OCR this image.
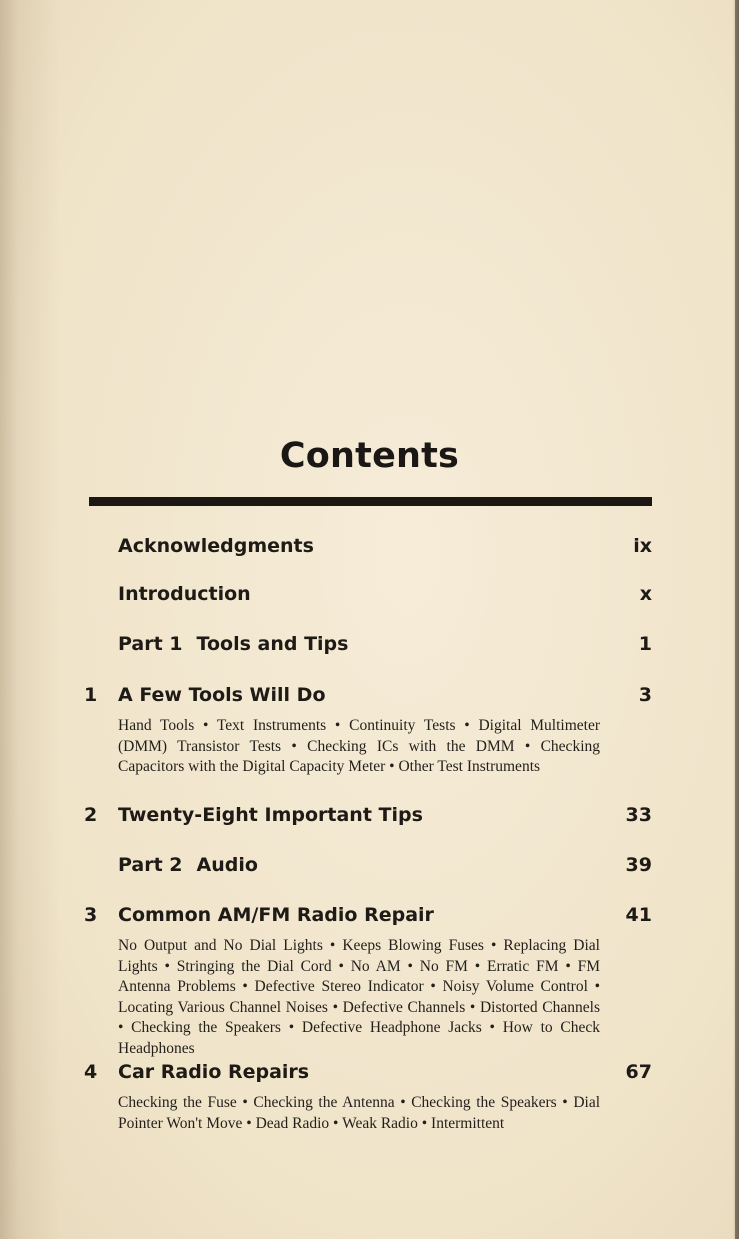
Contents
Acknowledgments	ix
Introduction	x
Part 1 Tools and Tips	1
1	A Few Tools Will Do	3
Hand Tools • Text Instruments • Continuity Tests • Digital Multimeter (DMM) Transistor Tests • Checking ICs with the DMM • Checking Capacitors with the Digital Capacity Meter • Other Test Instruments
2	Twenty-Eight Important Tips	33
Part 2 Audio	39
3	Common AM/FM Radio Repair	41
No Output and No Dial Lights • Keeps Blowing Fuses • Replacing Dial Lights • Stringing the Dial Cord • No AM • No FM • Erratic FM • FM Antenna Problems • Defective Stereo Indicator • Noisy Volume Control • Locating Various Channel Noises • Defective Channels • Distorted Channels • Checking the Speakers • Defective Headphone Jacks • How to Check Headphones
4	Car Radio Repairs	67
Checking the Fuse • Checking the Antenna • Checking the Speakers • Dial Pointer Won't Move • Dead Radio • Weak Radio • Intermittent
